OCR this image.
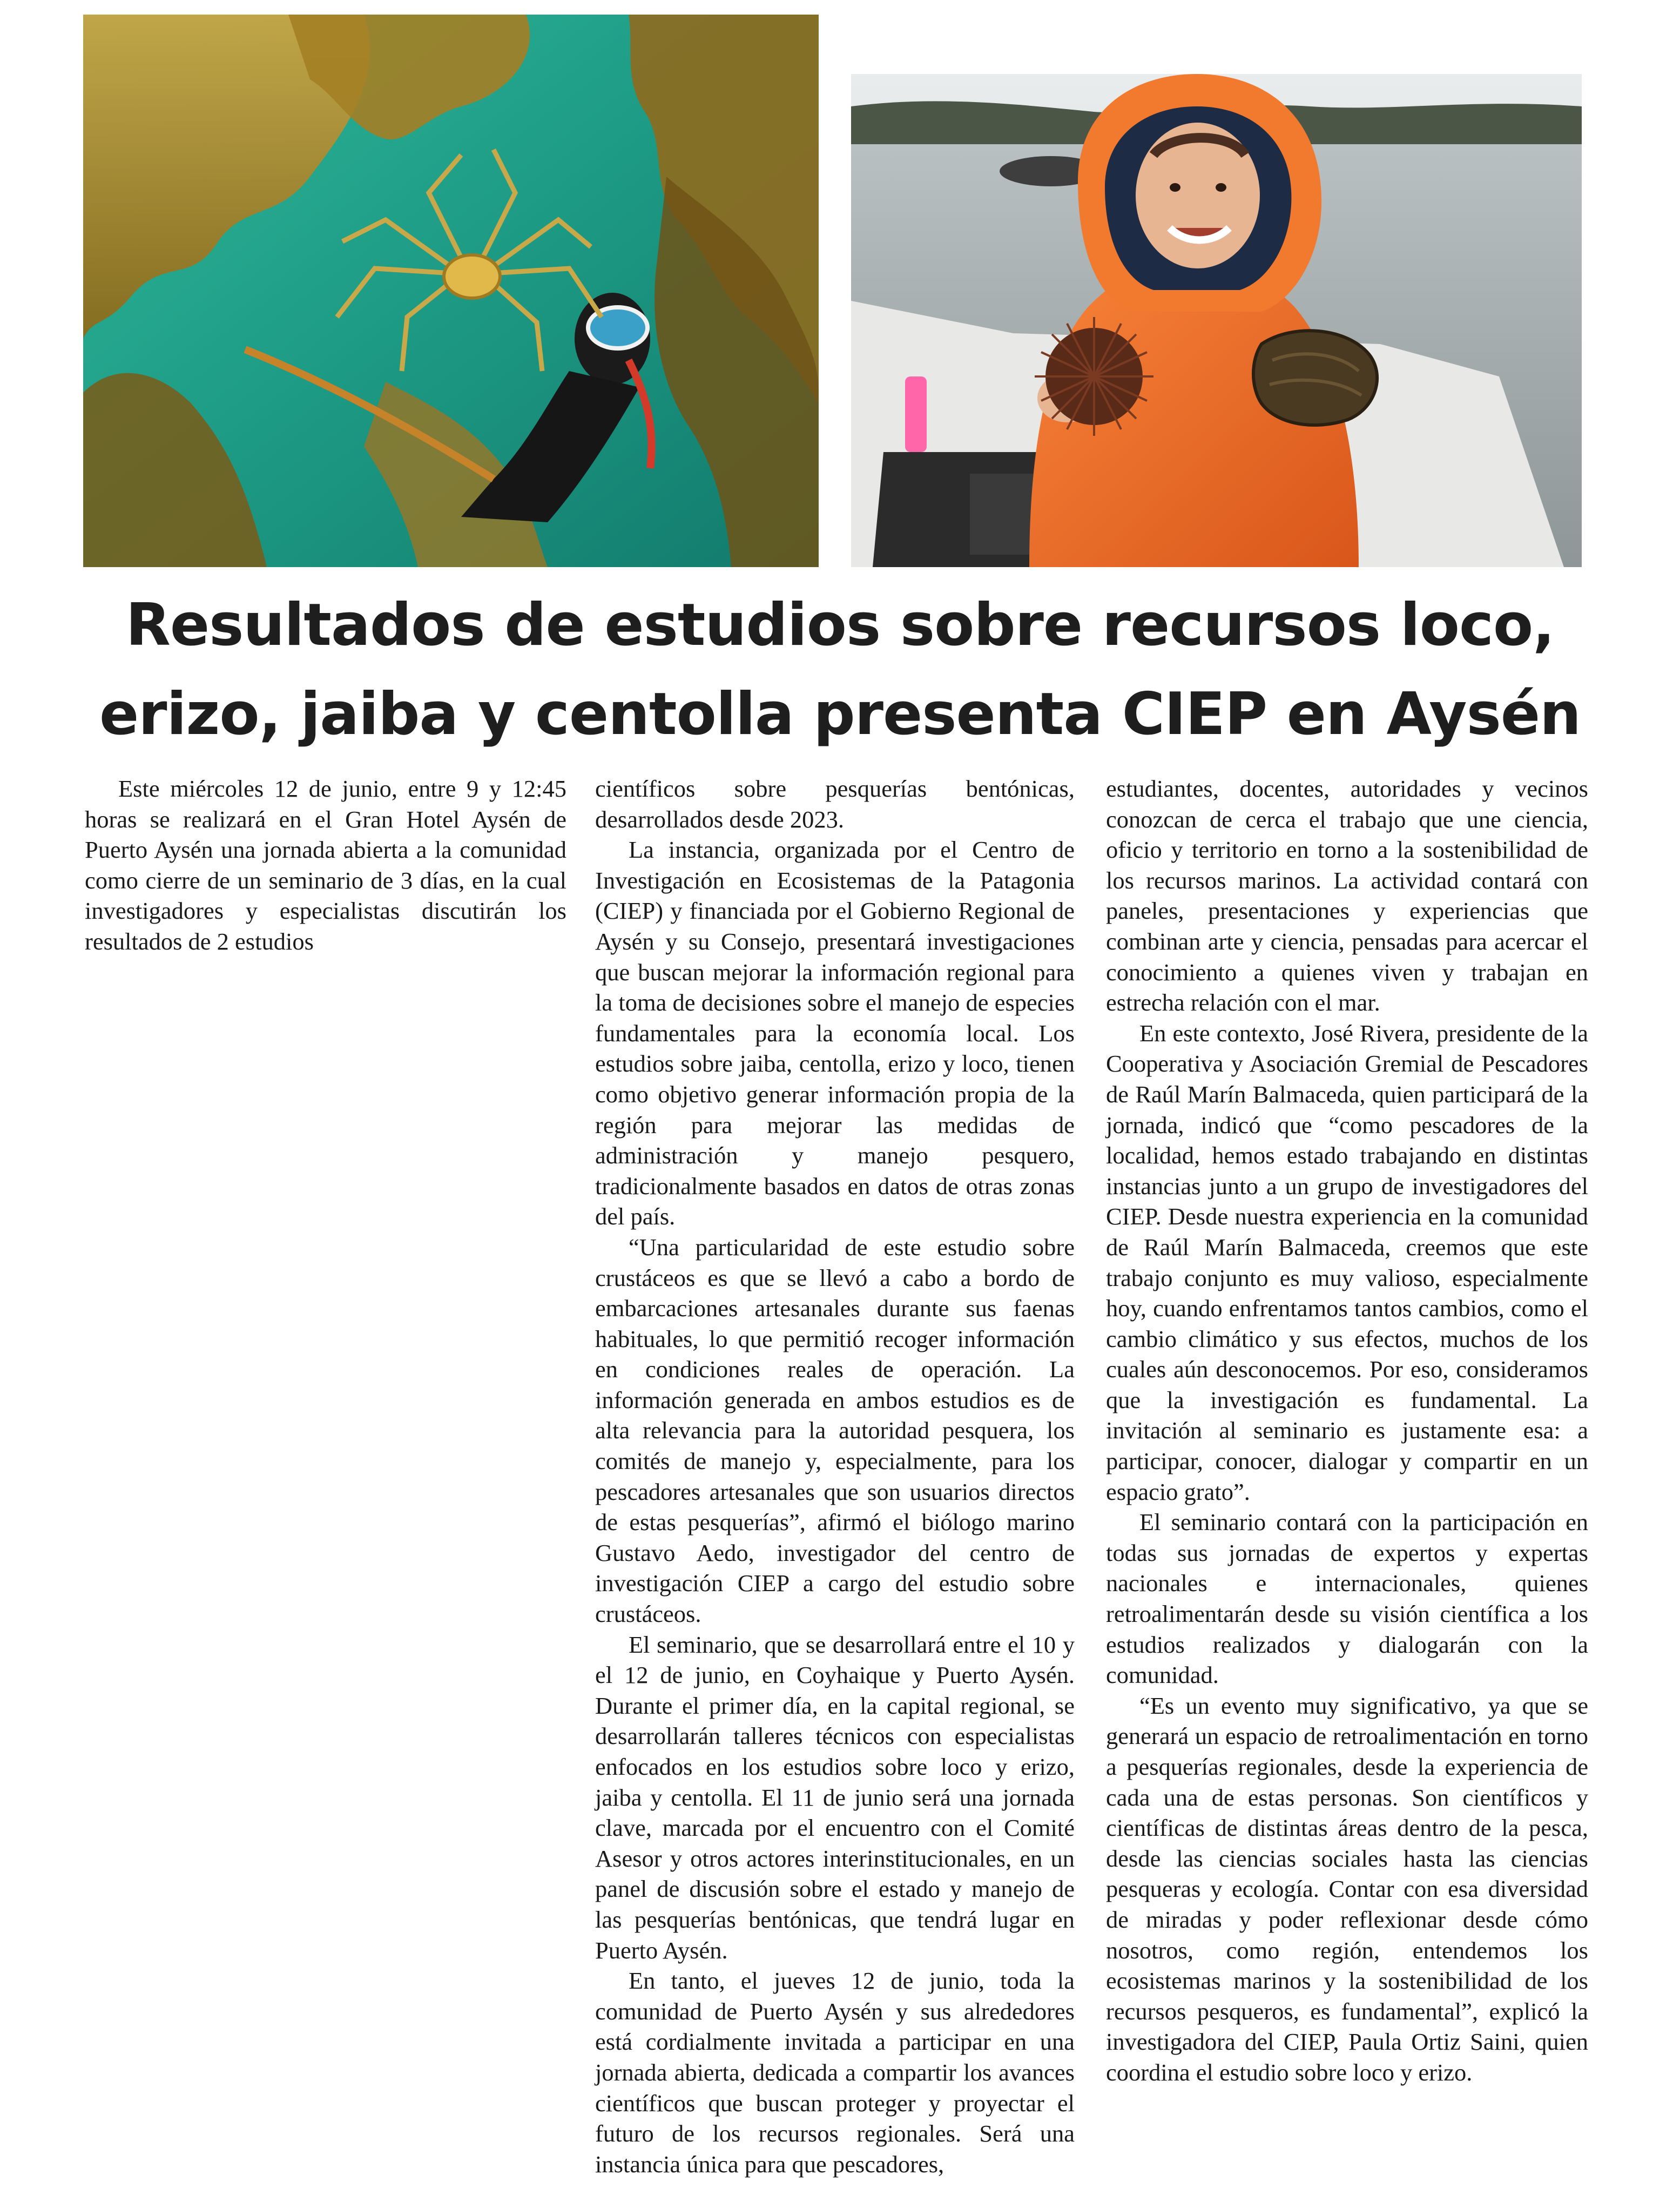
Resultados de estudios sobre recursos loco,
erizo, jaiba y centolla presenta CIEP en Aysén

Este miércoles 12 de junio, entre 9 y 12:45 horas se realizará en el Gran Hotel Aysén de Puerto Aysén una jornada abierta a la comunidad como cierre de un seminario de 3 días, en la cual investigadores y especialistas discutirán los resultados de 2 estudios

científicos sobre pesquerías bentónicas, desarrollados desde 2023.

La instancia, organizada por el Centro de Investigación en Ecosistemas de la Patagonia (CIEP) y financiada por el Gobierno Regional de Aysén y su Consejo, presentará investigaciones que buscan mejorar la información regional para la toma de decisiones sobre el manejo de especies fundamentales para la economía local. Los estudios sobre jaiba, centolla, erizo y loco, tienen como objetivo generar información propia de la región para mejorar las medidas de administración y manejo pesquero, tradicionalmente basados en datos de otras zonas del país.

“Una particularidad de este estudio sobre crustáceos es que se llevó a cabo a bordo de embarcaciones artesanales durante sus faenas habituales, lo que permitió recoger información en condiciones reales de operación. La información generada en ambos estudios es de alta relevancia para la autoridad pesquera, los comités de manejo y, especialmente, para los pescadores artesanales que son usuarios directos de estas pesquerías”, afirmó el biólogo marino Gustavo Aedo, investigador del centro de investigación CIEP a cargo del estudio sobre crustáceos.

El seminario, que se desarrollará entre el 10 y el 12 de junio, en Coyhaique y Puerto Aysén. Durante el primer día, en la capital regional, se desarrollarán talleres técnicos con especialistas enfocados en los estudios sobre loco y erizo, jaiba y centolla. El 11 de junio será una jornada clave, marcada por el encuentro con el Comité Asesor y otros actores interinstitucionales, en un panel de discusión sobre el estado y manejo de las pesquerías bentónicas, que tendrá lugar en Puerto Aysén.

En tanto, el jueves 12 de junio, toda la comunidad de Puerto Aysén y sus alrededores está cordialmente invitada a participar en una jornada abierta, dedicada a compartir los avances científicos que buscan proteger y proyectar el futuro de los recursos regionales. Será una instancia única para que pescadores,

estudiantes, docentes, autoridades y vecinos conozcan de cerca el trabajo que une ciencia, oficio y territorio en torno a la sostenibilidad de los recursos marinos. La actividad contará con paneles, presentaciones y experiencias que combinan arte y ciencia, pensadas para acercar el conocimiento a quienes viven y trabajan en estrecha relación con el mar.

En este contexto, José Rivera, presidente de la Cooperativa y Asociación Gremial de Pescadores de Raúl Marín Balmaceda, quien participará de la jornada, indicó que “como pescadores de la localidad, hemos estado trabajando en distintas instancias junto a un grupo de investigadores del CIEP. Desde nuestra experiencia en la comunidad de Raúl Marín Balmaceda, creemos que este trabajo conjunto es muy valioso, especialmente hoy, cuando enfrentamos tantos cambios, como el cambio climático y sus efectos, muchos de los cuales aún desconocemos. Por eso, consideramos que la investigación es fundamental. La invitación al seminario es justamente esa: a participar, conocer, dialogar y compartir en un espacio grato”.

El seminario contará con la participación en todas sus jornadas de expertos y expertas nacionales e internacionales, quienes retroalimentarán desde su visión científica a los estudios realizados y dialogarán con la comunidad.

“Es un evento muy significativo, ya que se generará un espacio de retroalimentación en torno a pesquerías regionales, desde la experiencia de cada una de estas personas. Son científicos y científicas de distintas áreas dentro de la pesca, desde las ciencias sociales hasta las ciencias pesqueras y ecología. Contar con esa diversidad de miradas y poder reflexionar desde cómo nosotros, como región, entendemos los ecosistemas marinos y la sostenibilidad de los recursos pesqueros, es fundamental”, explicó la investigadora del CIEP, Paula Ortiz Saini, quien coordina el estudio sobre loco y erizo.
